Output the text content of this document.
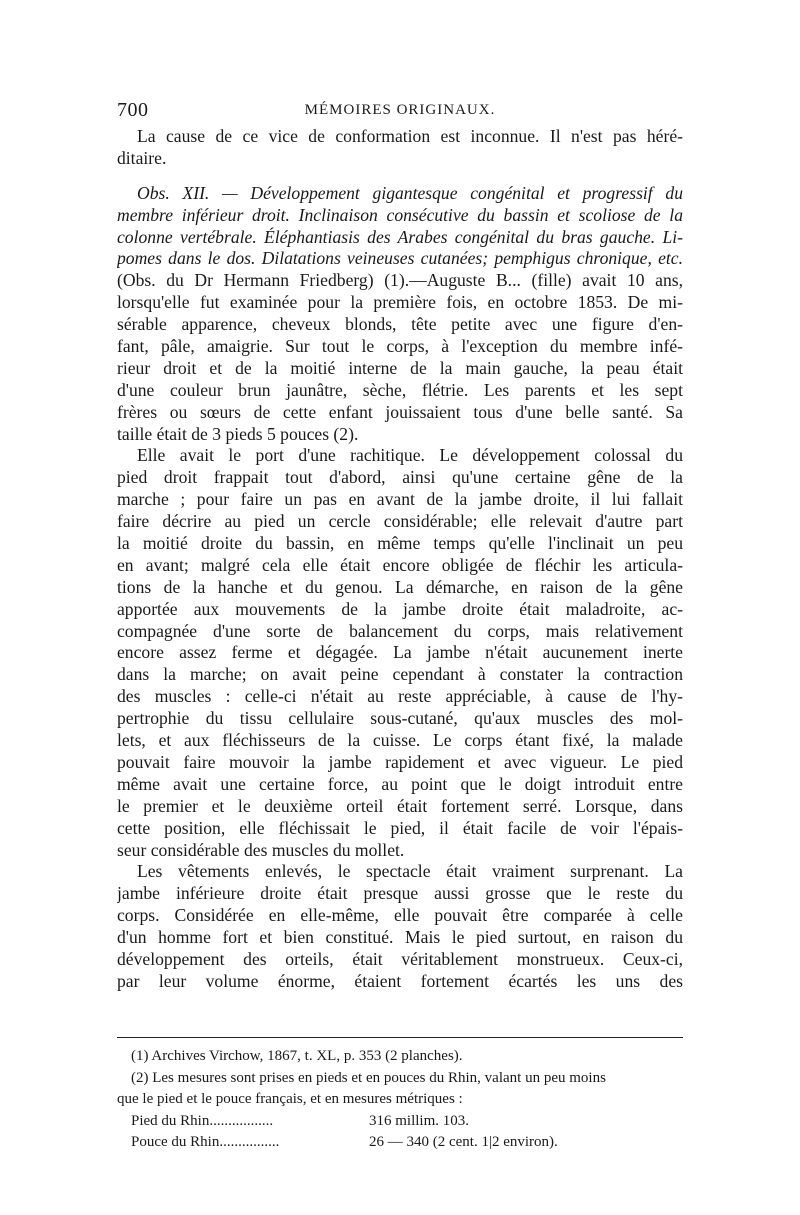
700	MÉMOIRES ORIGINAUX.
La cause de ce vice de conformation est inconnue. Il n'est pas héré-
ditaire.
Obs. XII. — Développement gigantesque congénital et progressif du
membre inférieur droit. Inclinaison consécutive du bassin et scoliose de la
colonne vertébrale. Éléphantiasis des Arabes congénital du bras gauche. Li-
pomes dans le dos. Dilatations veineuses cutanées; pemphigus chronique, etc.
(Obs. du Dr Hermann Friedberg) (1).—Auguste B... (fille) avait 10 ans,
lorsqu'elle fut examinée pour la première fois, en octobre 1853. De mi-
sérable apparence, cheveux blonds, tête petite avec une figure d'en-
fant, pâle, amaigrie. Sur tout le corps, à l'exception du membre infé-
rieur droit et de la moitié interne de la main gauche, la peau était
d'une couleur brun jaunâtre, sèche, flétrie. Les parents et les sept
frères ou sœurs de cette enfant jouissaient tous d'une belle santé. Sa
taille était de 3 pieds 5 pouces (2).
Elle avait le port d'une rachitique. Le développement colossal du
pied droit frappait tout d'abord, ainsi qu'une certaine gêne de la
marche ; pour faire un pas en avant de la jambe droite, il lui fallait
faire décrire au pied un cercle considérable; elle relevait d'autre part
la moitié droite du bassin, en même temps qu'elle l'inclinait un peu
en avant; malgré cela elle était encore obligée de fléchir les articula-
tions de la hanche et du genou. La démarche, en raison de la gêne
apportée aux mouvements de la jambe droite était maladroite, ac-
compagnée d'une sorte de balancement du corps, mais relativement
encore assez ferme et dégagée. La jambe n'était aucunement inerte
dans la marche; on avait peine cependant à constater la contraction
des muscles : celle-ci n'était au reste appréciable, à cause de l'hy-
pertrophie du tissu cellulaire sous-cutané, qu'aux muscles des mol-
lets, et aux fléchisseurs de la cuisse. Le corps étant fixé, la malade
pouvait faire mouvoir la jambe rapidement et avec vigueur. Le pied
même avait une certaine force, au point que le doigt introduit entre
le premier et le deuxième orteil était fortement serré. Lorsque, dans
cette position, elle fléchissait le pied, il était facile de voir l'épais-
seur considérable des muscles du mollet.
Les vêtements enlevés, le spectacle était vraiment surprenant. La
jambe inférieure droite était presque aussi grosse que le reste du
corps. Considérée en elle-même, elle pouvait être comparée à celle
d'un homme fort et bien constitué. Mais le pied surtout, en raison du
développement des orteils, était véritablement monstrueux. Ceux-ci,
par leur volume énorme, étaient fortement écartés les uns des
(1) Archives Virchow, 1867, t. XL, p. 353 (2 planches).
(2) Les mesures sont prises en pieds et en pouces du Rhin, valant un peu moins
que le pied et le pouce français, et en mesures métriques :
Pied du Rhin.................	316 millim. 103.
Pouce du Rhin................	26 — 340 (2 cent. 1|2 environ).
